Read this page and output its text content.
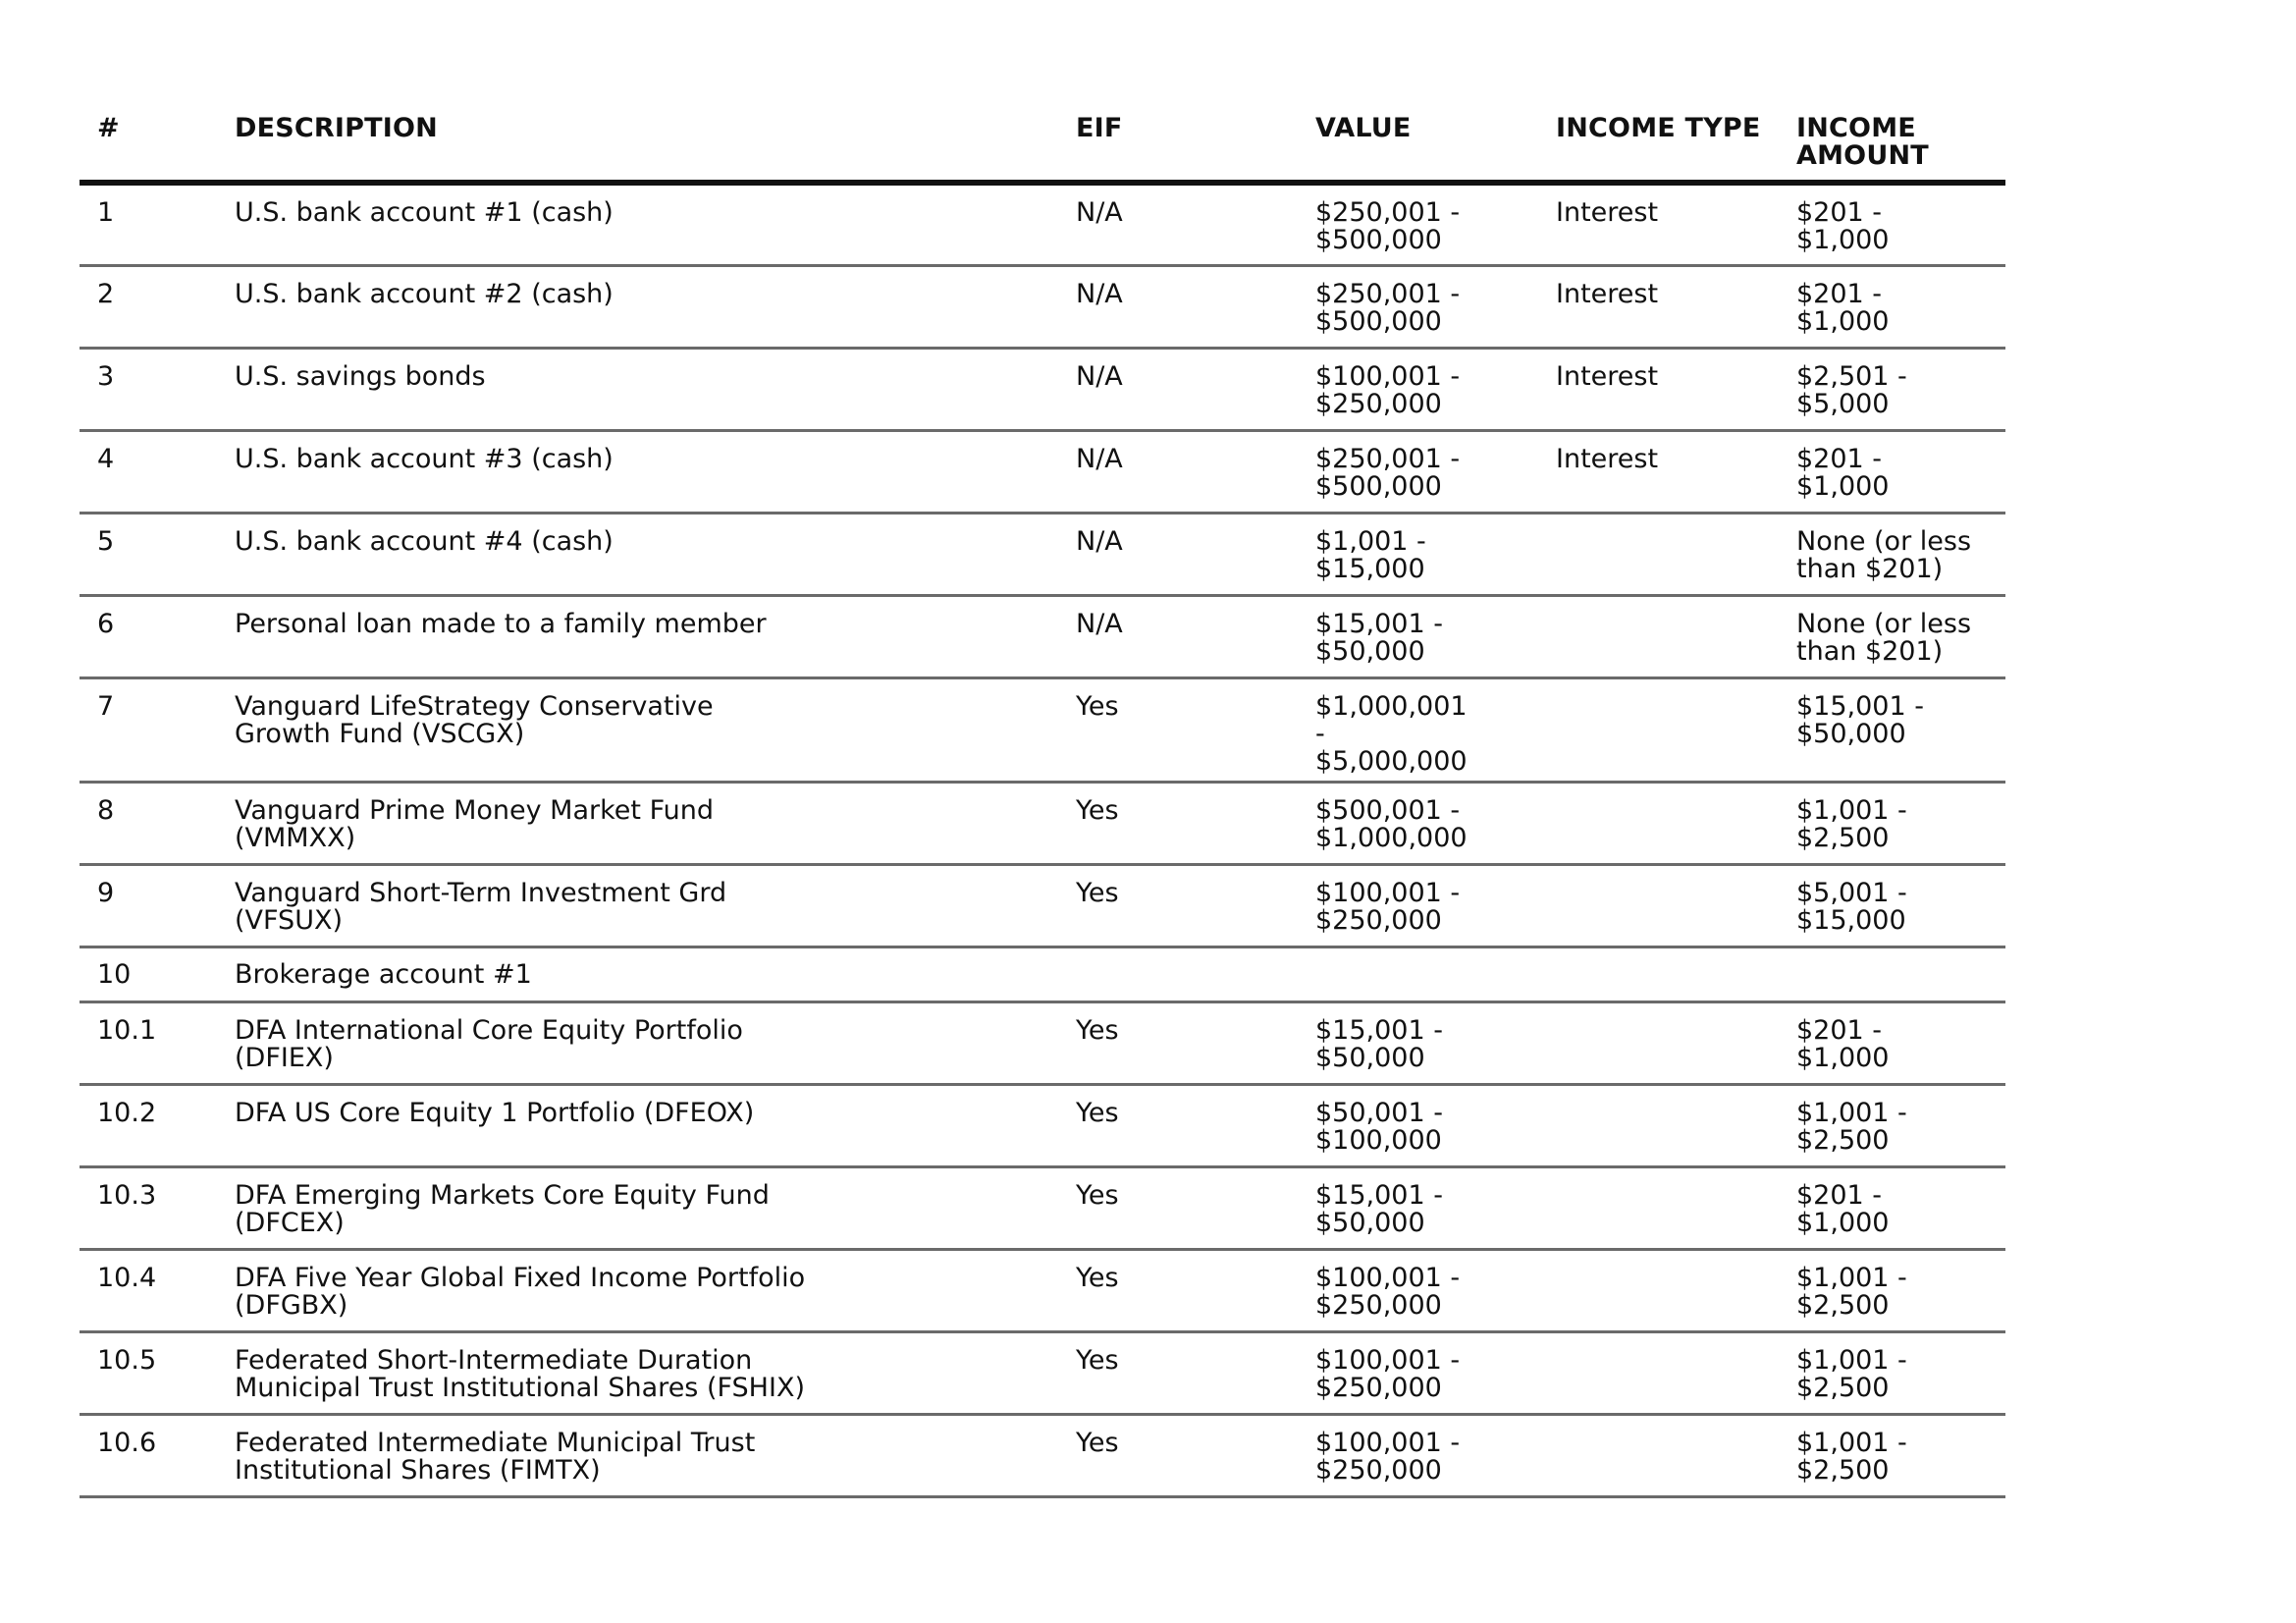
#	DESCRIPTION	EIF	VALUE	INCOME TYPE	INCOME AMOUNT

1	U.S. bank account #1 (cash)	N/A	$250,001 - $500,000	Interest	$201 - $1,000

2	U.S. bank account #2 (cash)	N/A	$250,001 - $500,000	Interest	$201 - $1,000

3	U.S. savings bonds	N/A	$100,001 - $250,000	Interest	$2,501 - $5,000

4	U.S. bank account #3 (cash)	N/A	$250,001 - $500,000	Interest	$201 - $1,000

5	U.S. bank account #4 (cash)	N/A	$1,001 - $15,000		None (or less than $201)

6	Personal loan made to a family member	N/A	$15,001 - $50,000		None (or less than $201)

7	Vanguard LifeStrategy Conservative Growth Fund (VSCGX)	Yes	$1,000,001 - $5,000,000		$15,001 - $50,000

8	Vanguard Prime Money Market Fund (VMMXX)	Yes	$500,001 - $1,000,000		$1,001 - $2,500

9	Vanguard Short-Term Investment Grd (VFSUX)	Yes	$100,001 - $250,000		$5,001 - $15,000

10	Brokerage account #1				

10.1	DFA International Core Equity Portfolio (DFIEX)	Yes	$15,001 - $50,000		$201 - $1,000

10.2	DFA US Core Equity 1 Portfolio (DFEOX)	Yes	$50,001 - $100,000		$1,001 - $2,500

10.3	DFA Emerging Markets Core Equity Fund (DFCEX)	Yes	$15,001 - $50,000		$201 - $1,000

10.4	DFA Five Year Global Fixed Income Portfolio (DFGBX)	Yes	$100,001 - $250,000		$1,001 - $2,500

10.5	Federated Short-Intermediate Duration Municipal Trust Institutional Shares (FSHIX)	Yes	$100,001 - $250,000		$1,001 - $2,500

10.6	Federated Intermediate Municipal Trust Institutional Shares (FIMTX)	Yes	$100,001 - $250,000		$1,001 - $2,500
